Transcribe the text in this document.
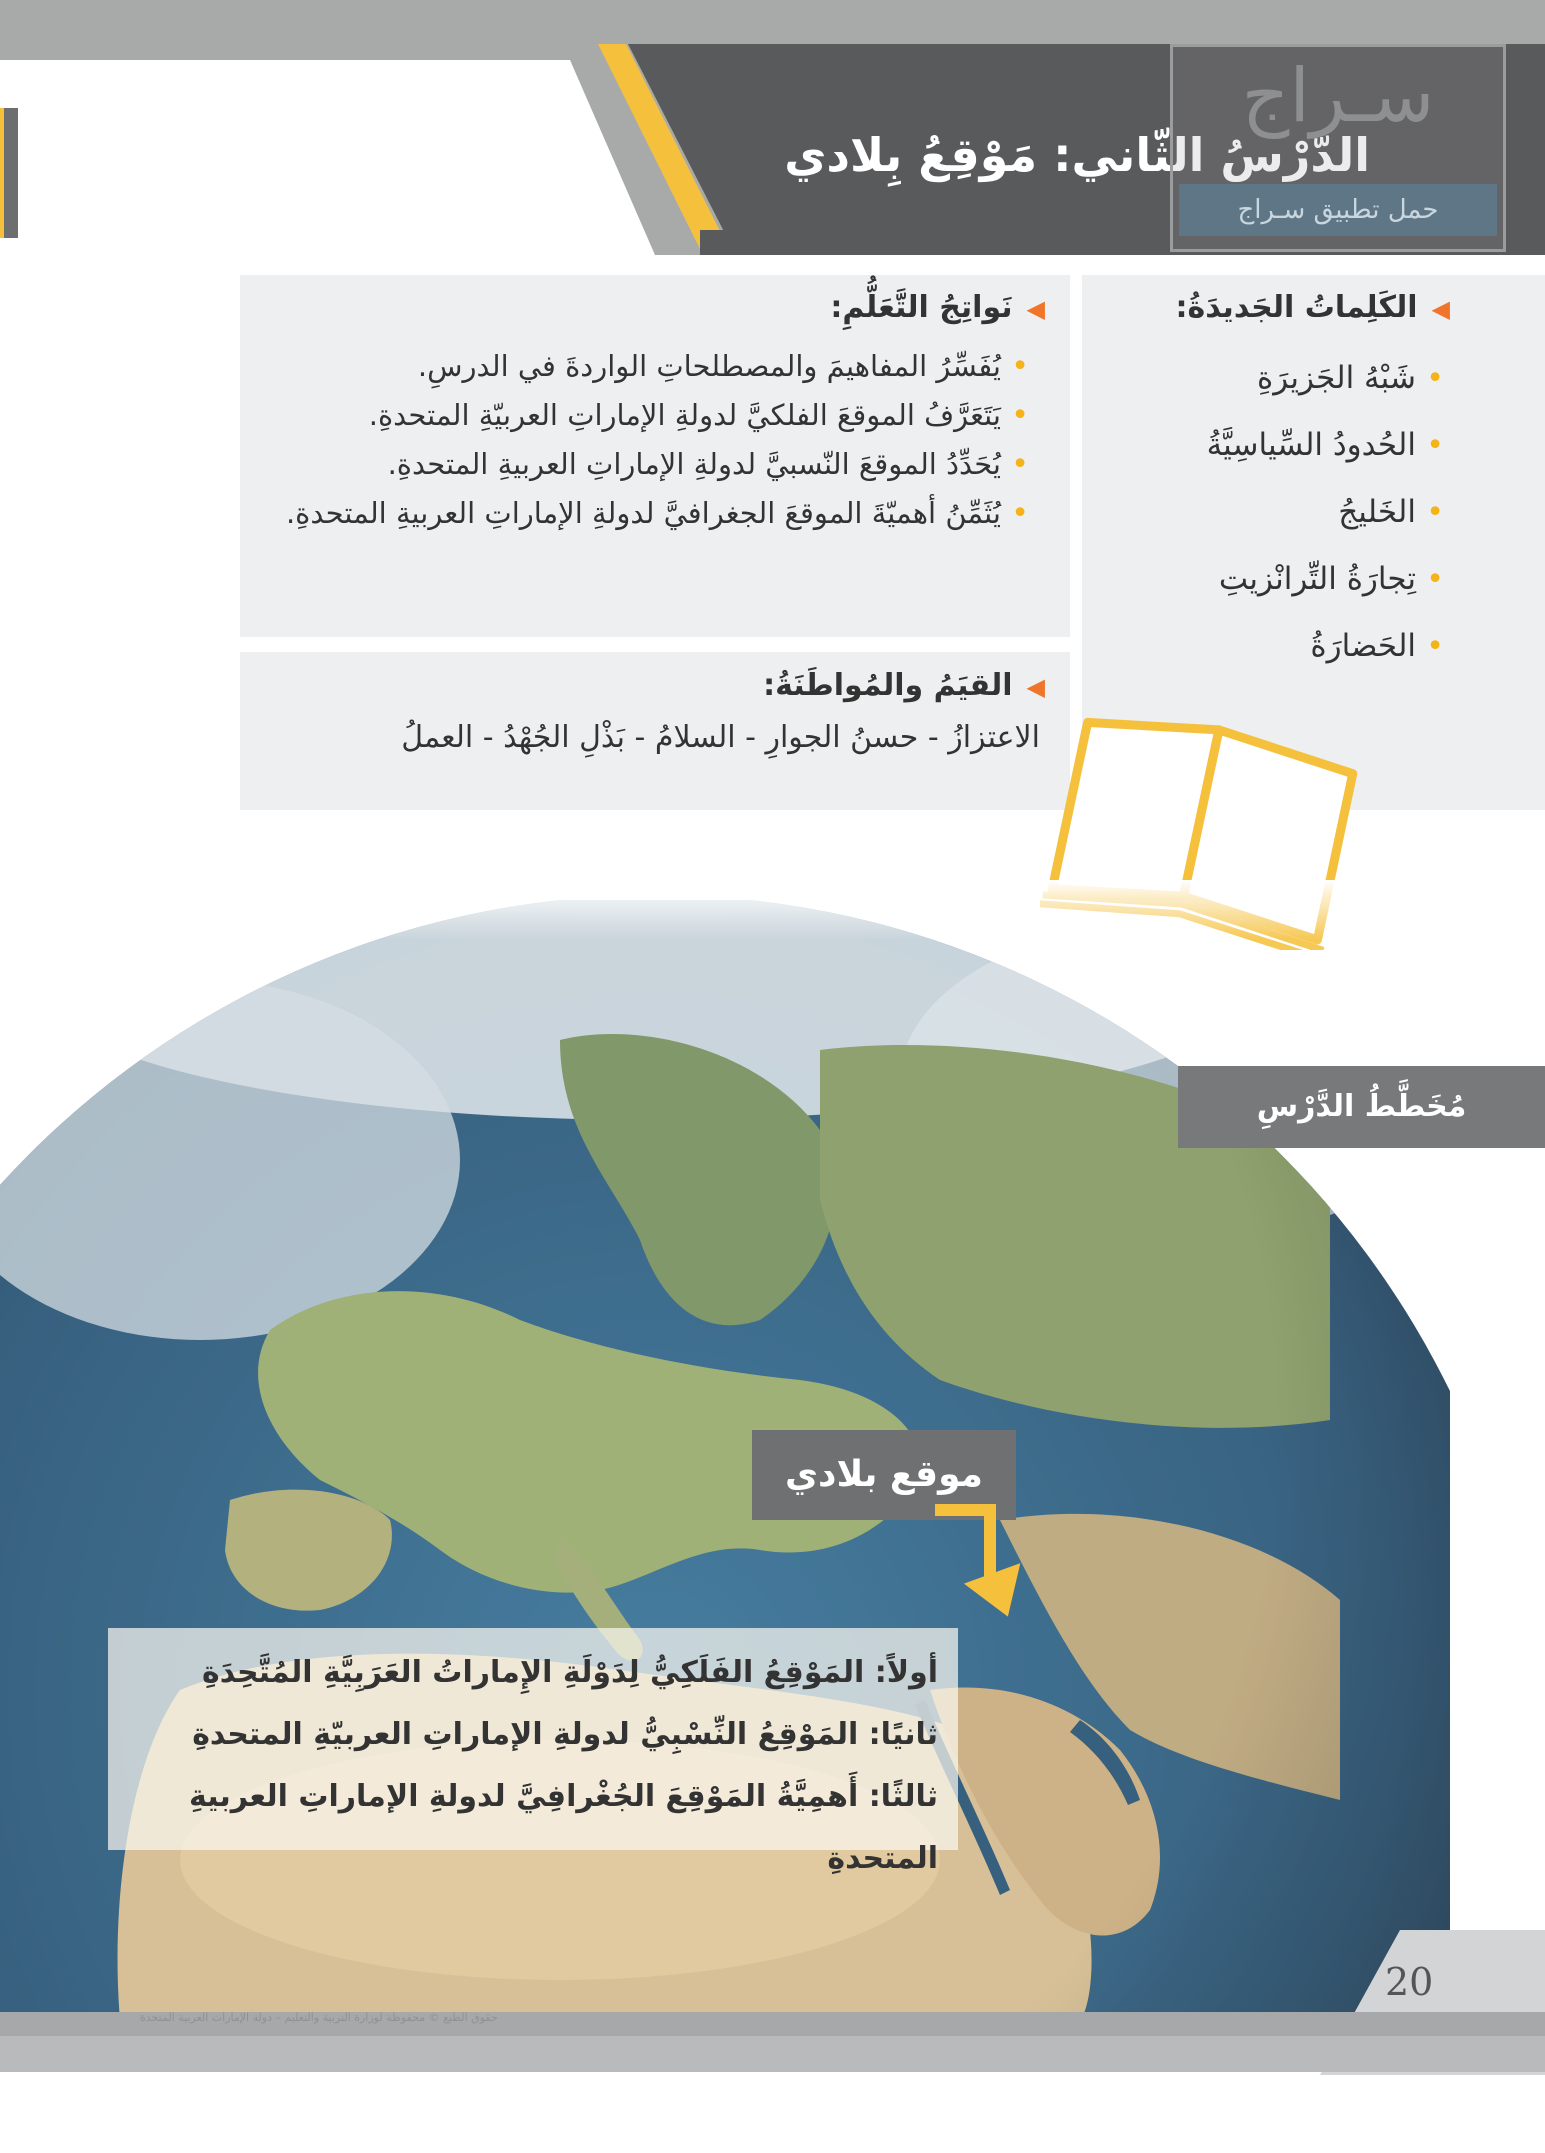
الدَّرْسُ الثّاني: مَوْقِعُ بِلادي
سـراج
حمل تطبيق سـراج
◀نَواتِجُ التَّعَلُّمِ:
•
يُفَسِّرُ المفاهيمَ والمصطلحاتِ الواردةَ في الدرسِ.
•
يَتَعَرَّفُ الموقعَ الفلكيَّ لدولةِ الإماراتِ العربيّةِ المتحدةِ.
•
يُحَدِّدُ الموقعَ النّسبيَّ لدولةِ الإماراتِ العربيةِ المتحدةِ.
•
يُثَمِّنُ أهميّةَ الموقعَ الجغرافيَّ لدولةِ الإماراتِ العربيةِ المتحدةِ.
◀القيَمُ والمُواطَنَةُ:
الاعتزازُ - حسنُ الجوارِ - السلامُ - بَذْلِ الجُهْدُ - العملُ
◀الكَلِماتُ الجَديدَةُ:
•
شَبْهُ الجَزيرَةِ
•
الحُدودُ السِّياسِيَّةُ
•
الخَليجُ
•
تِجارَةُ التِّرانْزيتِ
•
الحَضارَةُ
مُخَطَّطُ الدَّرْسِ
موقع بلادي
أولاً: المَوْقِعُ الفَلَكِيُّ لِدَوْلَةِ الإِماراتُ العَرَبِيَّةِ المُتَّحِدَةِ
ثانيًا: المَوْقِعُ النِّسْبِيُّ لدولةِ الإماراتِ العربيّةِ المتحدةِ
ثالثًا: أَهمِيَّةُ المَوْقِعَ الجُغْرافِيَّ لدولةِ الإماراتِ العربيةِ المتحدةِ
حقوق الطبع © محفوظة لوزارة التربية والتعليم – دولة الإمارات العربية المتحدة
20
